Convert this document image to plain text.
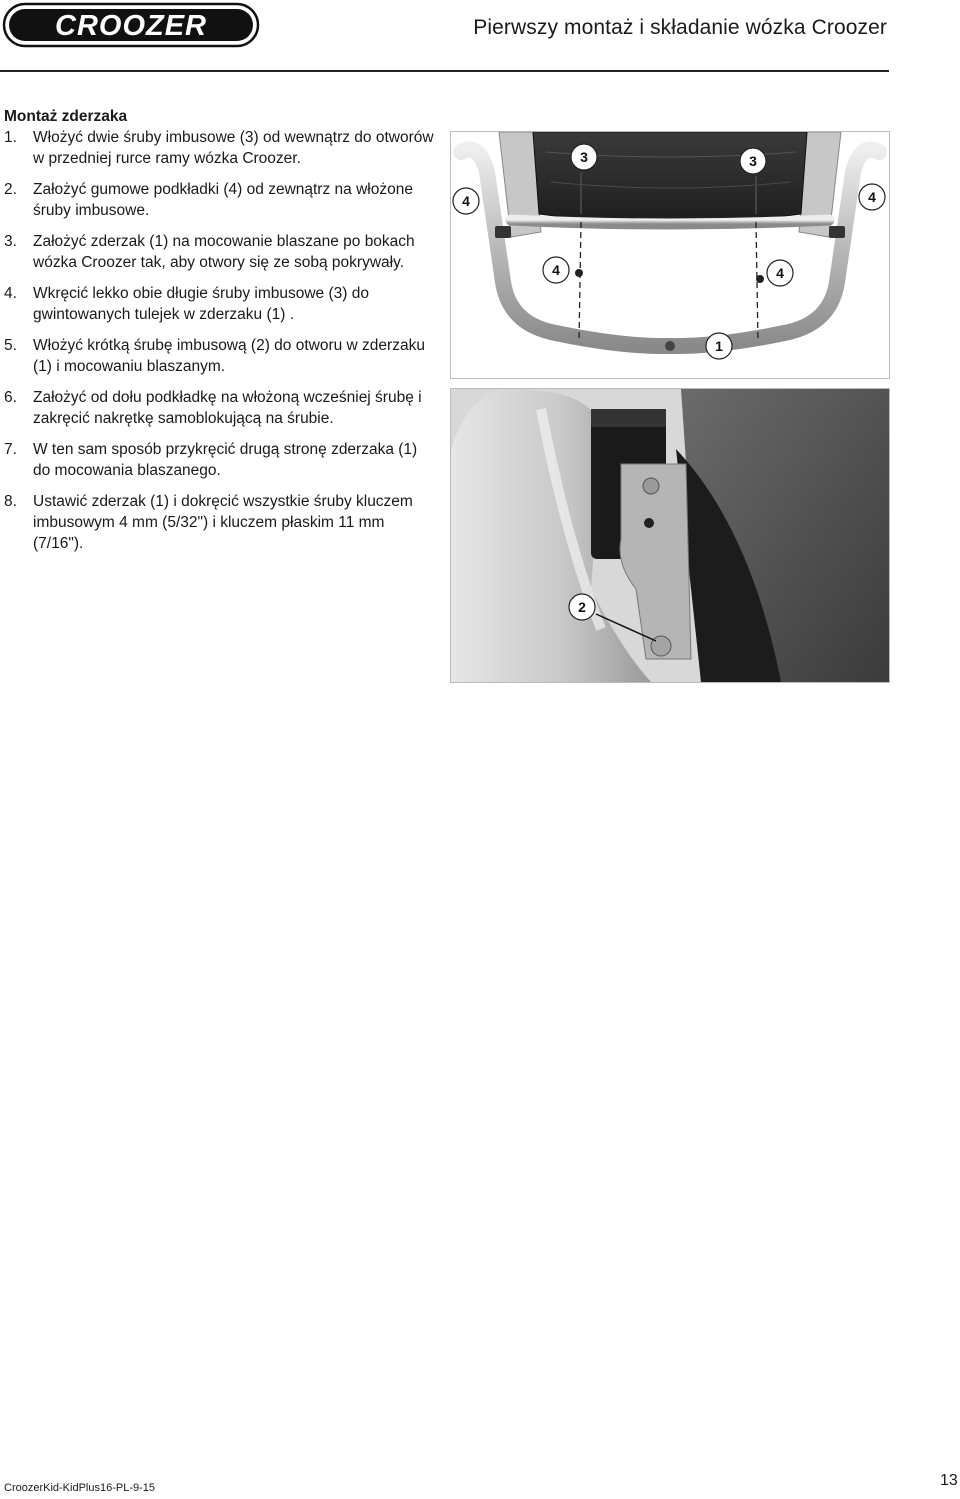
CROOZER	Pierwszy montaż i składanie wózka Croozer

Montaż zderzaka

1. Włożyć dwie śruby imbusowe (3) od wewnątrz do otworów w przedniej rurce ramy wózka Croozer.
2. Założyć gumowe podkładki (4) od zewnątrz na włożone śruby imbusowe.
3. Założyć zderzak (1) na mocowanie blaszane po bokach wózka Croozer tak, aby otwory się ze sobą pokrywały.
4. Wkręcić lekko obie długie śruby imbusowe (3) do gwintowanych tulejek w zderzaku (1) .
5. Włożyć krótką śrubę imbusową (2) do otworu w zderzaku (1) i mocowaniu blaszanym.
6. Założyć od dołu podkładkę na włożoną wcześniej śrubę i zakręcić nakrętkę samoblokującą na śrubie.
7. W ten sam sposób przykręcić drugą stronę zderzaka (1) do mocowania blaszanego.
8. Ustawić zderzak (1) i dokręcić wszystkie śruby kluczem imbusowym 4 mm (5/32") i kluczem płaskim 11 mm (7/16").
3	3
4	4
4	4
1
2
CroozerKid-KidPlus16-PL-9-15	13
